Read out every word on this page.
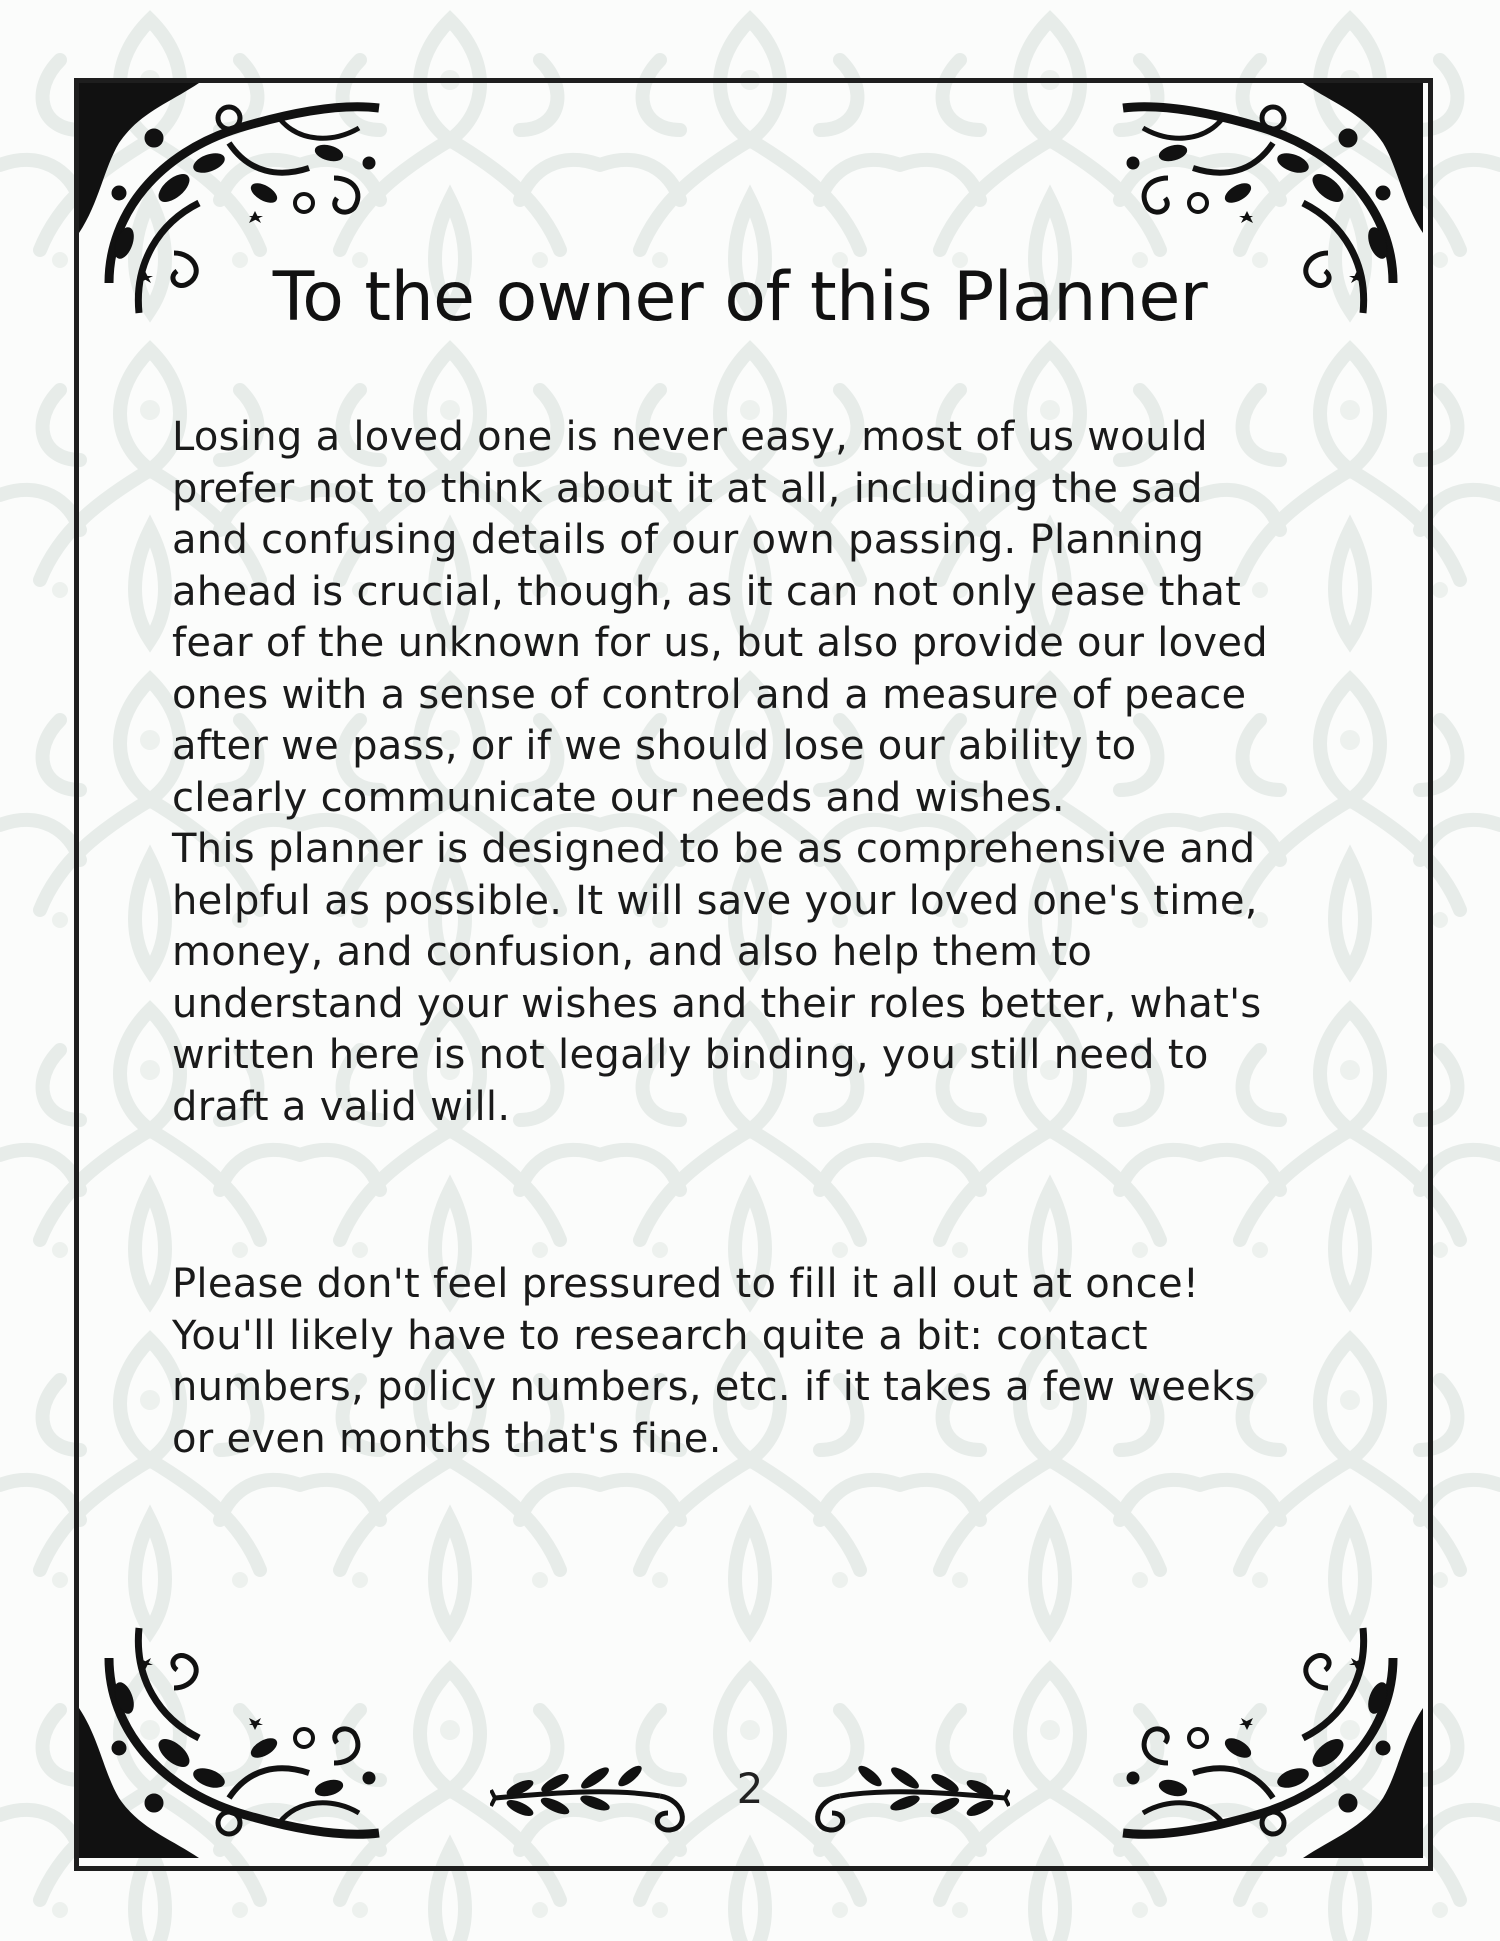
To the owner of this Planner
Losing a loved one is never easy, most of us would
prefer not to think about it at all, including the sad
and confusing details of our own passing. Planning
ahead is crucial, though, as it can not only ease that
fear of the unknown for us, but also provide our loved
ones with a sense of control and a measure of peace
after we pass, or if we should lose our ability to
clearly communicate our needs and wishes.
This planner is designed to be as comprehensive and
helpful as possible. It will save your loved one's time,
money, and confusion, and also help them to
understand your wishes and their roles better, what's
written here is not legally binding, you still need to
draft a valid will.
Please don't feel pressured to fill it all out at once!
You'll likely have to research quite a bit: contact
numbers, policy numbers, etc. if it takes a few weeks
or even months that's fine.
2
